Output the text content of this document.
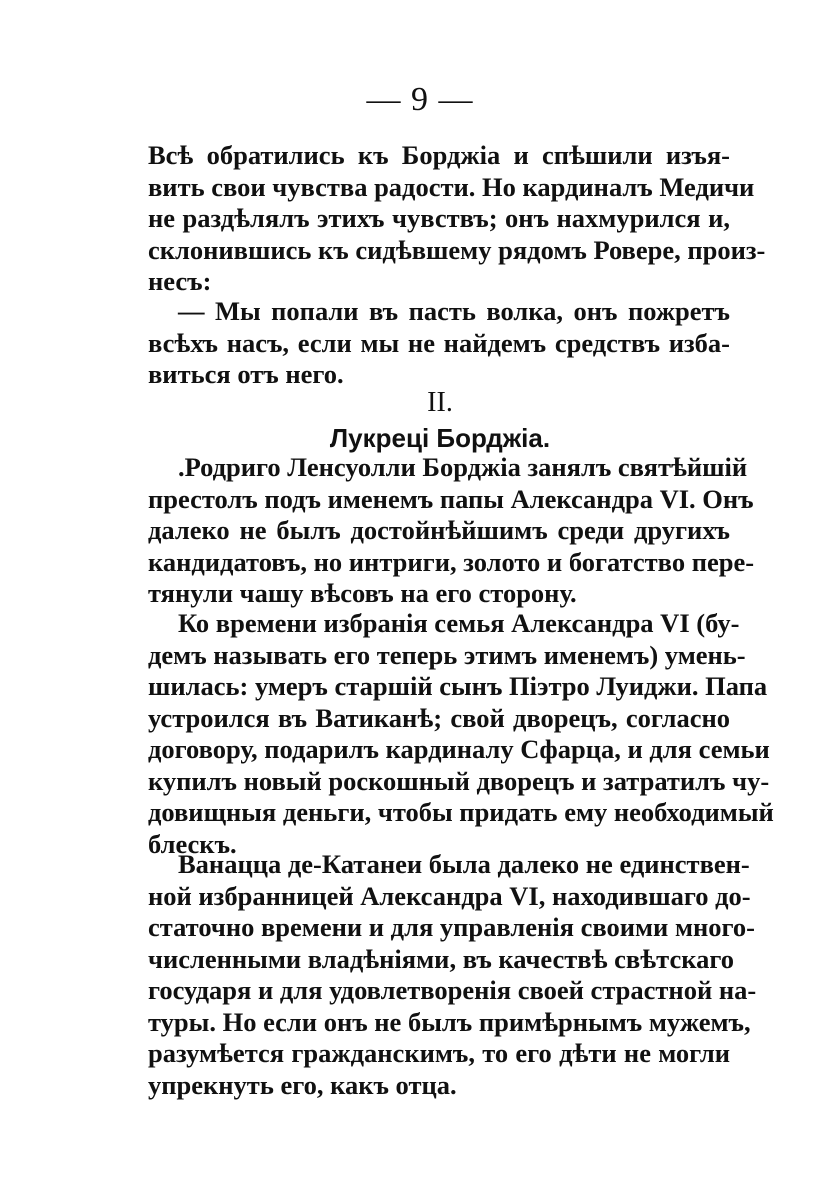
— 9 —
Всѣ обратились къ Борджіа и спѣшили изъя-
вить свои чувства радости. Но кардиналъ Медичи
не раздѣлялъ этихъ чувствъ; онъ нахмурился и,
склонившись къ сидѣвшему рядомъ Ровере, произ-
несъ:
— Мы попали въ пасть волка, онъ пожретъ
всѣхъ насъ, если мы не найдемъ средствъ изба-
виться отъ него.
II.
Лукреці Борджіа.
.Родриго Ленсуолли Борджіа занялъ святѣйшій
престолъ подъ именемъ папы Александра VI. Онъ
далеко не былъ достойнѣйшимъ среди другихъ
кандидатовъ, но интриги, золото и богатство пере-
тянули чашу вѣсовъ на его сторону.
Ко времени избранія семья Александра VI (бу-
демъ называть его теперь этимъ именемъ) умень-
шилась: умеръ старшій сынъ Піэтро Луиджи. Папа
устроился въ Ватиканѣ; свой дворецъ, согласно
договору, подарилъ кардиналу Сфарца, и для семьи
купилъ новый роскошный дворецъ и затратилъ чу-
довищныя деньги, чтобы придать ему необходимый
блескъ.
Ванацца де-Катанеи была далеко не единствен-
ной избранницей Александра VI, находившаго до-
статочно времени и для управленія своими много-
численными владѣніями, въ качествѣ свѣтскаго
государя и для удовлетворенія своей страстной на-
туры. Но если онъ не былъ примѣрнымъ мужемъ,
разумѣется гражданскимъ, то его дѣти не могли
упрекнуть его, какъ отца.
